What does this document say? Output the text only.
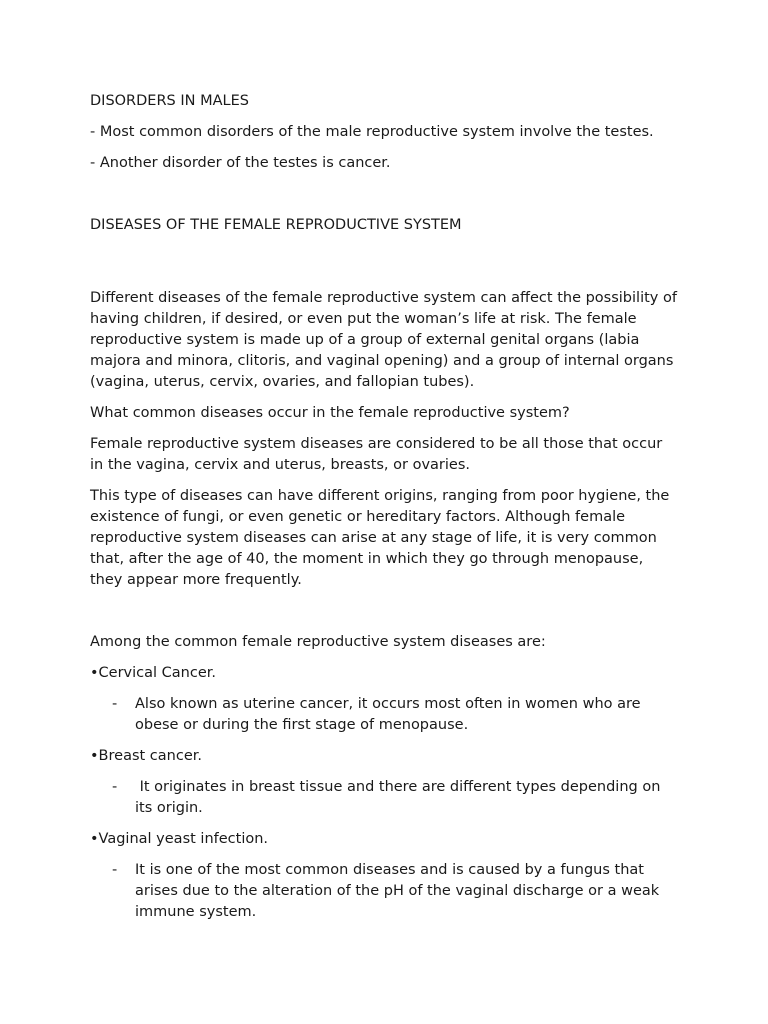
DISORDERS IN MALES

- Most common disorders of the male reproductive system involve the testes.

- Another disorder of the testes is cancer.

DISEASES OF THE FEMALE REPRODUCTIVE SYSTEM

Different diseases of the female reproductive system can affect the possibility of having children, if desired, or even put the woman’s life at risk. The female reproductive system is made up of a group of external genital organs (labia majora and minora, clitoris, and vaginal opening) and a group of internal organs (vagina, uterus, cervix, ovaries, and fallopian tubes).

What common diseases occur in the female reproductive system?

Female reproductive system diseases are considered to be all those that occur in the vagina, cervix and uterus, breasts, or ovaries.

This type of diseases can have different origins, ranging from poor hygiene, the existence of fungi, or even genetic or hereditary factors. Although female reproductive system diseases can arise at any stage of life, it is very common that, after the age of 40, the moment in which they go through menopause, they appear more frequently.

Among the common female reproductive system diseases are:

•Cervical Cancer.

-	Also known as uterine cancer, it occurs most often in women who are obese or during the first stage of menopause.

•Breast cancer.

-	It originates in breast tissue and there are different types depending on its origin.

•Vaginal yeast infection.

-	It is one of the most common diseases and is caused by a fungus that arises due to the alteration of the pH of the vaginal discharge or a weak immune system.
